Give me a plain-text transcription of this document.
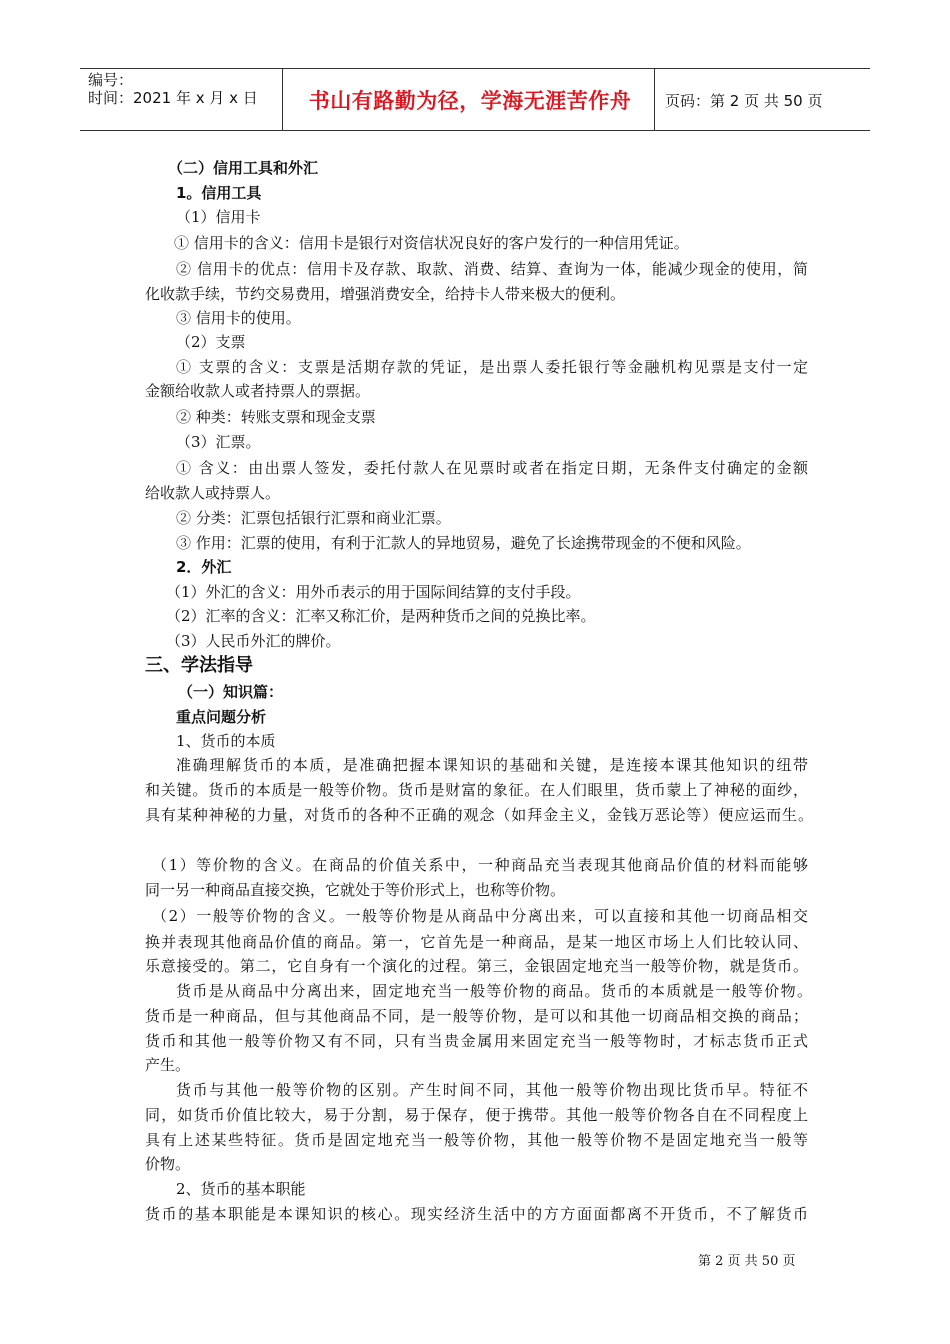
编号：
时间：2021 年 x 月 x 日	书山有路勤为径，学海无涯苦作舟	页码：第 2 页 共 50 页
（二）信用工具和外汇
1。信用工具
（1）信用卡
① 信用卡的含义：信用卡是银行对资信状况良好的客户发行的一种信用凭证。
② 信用卡的优点：信用卡及存款、取款、消费、结算、查询为一体，能减少现金的使用，简
化收款手续，节约交易费用，增强消费安全，给持卡人带来极大的便利。
③ 信用卡的使用。
（2）支票
① 支票的含义：支票是活期存款的凭证，是出票人委托银行等金融机构见票是支付一定
金额给收款人或者持票人的票据。
② 种类：转账支票和现金支票
（3）汇票。
① 含义：由出票人签发，委托付款人在见票时或者在指定日期，无条件支付确定的金额
给收款人或持票人。
② 分类：汇票包括银行汇票和商业汇票。
③ 作用：汇票的使用，有利于汇款人的异地贸易，避免了长途携带现金的不便和风险。
2．外汇
（1）外汇的含义：用外币表示的用于国际间结算的支付手段。
（2）汇率的含义：汇率又称汇价，是两种货币之间的兑换比率。
（3）人民币外汇的牌价。
三、学法指导
（一）知识篇：
重点问题分析
1、货币的本质
准确理解货币的本质，是准确把握本课知识的基础和关键，是连接本课其他知识的纽带
和关键。货币的本质是一般等价物。货币是财富的象征。在人们眼里，货币蒙上了神秘的面纱，
具有某种神秘的力量，对货币的各种不正确的观念（如拜金主义，金钱万恶论等）便应运而生。
（1）等价物的含义。在商品的价值关系中，一种商品充当表现其他商品价值的材料而能够
同一另一种商品直接交换，它就处于等价形式上，也称等价物。
（2）一般等价物的含义。一般等价物是从商品中分离出来，可以直接和其他一切商品相交
换并表现其他商品价值的商品。第一，它首先是一种商品，是某一地区市场上人们比较认同、
乐意接受的。第二，它自身有一个演化的过程。第三，金银固定地充当一般等价物，就是货币。
货币是从商品中分离出来，固定地充当一般等价物的商品。货币的本质就是一般等价物。
货币是一种商品，但与其他商品不同，是一般等价物，是可以和其他一切商品相交换的商品；
货币和其他一般等价物又有不同，只有当贵金属用来固定充当一般等物时，才标志货币正式
产生。
货币与其他一般等价物的区别。产生时间不同，其他一般等价物出现比货币早。特征不
同，如货币价值比较大，易于分割，易于保存，便于携带。其他一般等价物各自在不同程度上
具有上述某些特征。货币是固定地充当一般等价物，其他一般等价物不是固定地充当一般等
价物。
2、货币的基本职能
货币的基本职能是本课知识的核心。现实经济生活中的方方面面都离不开货币，不了解货币
第 2 页 共 50 页
